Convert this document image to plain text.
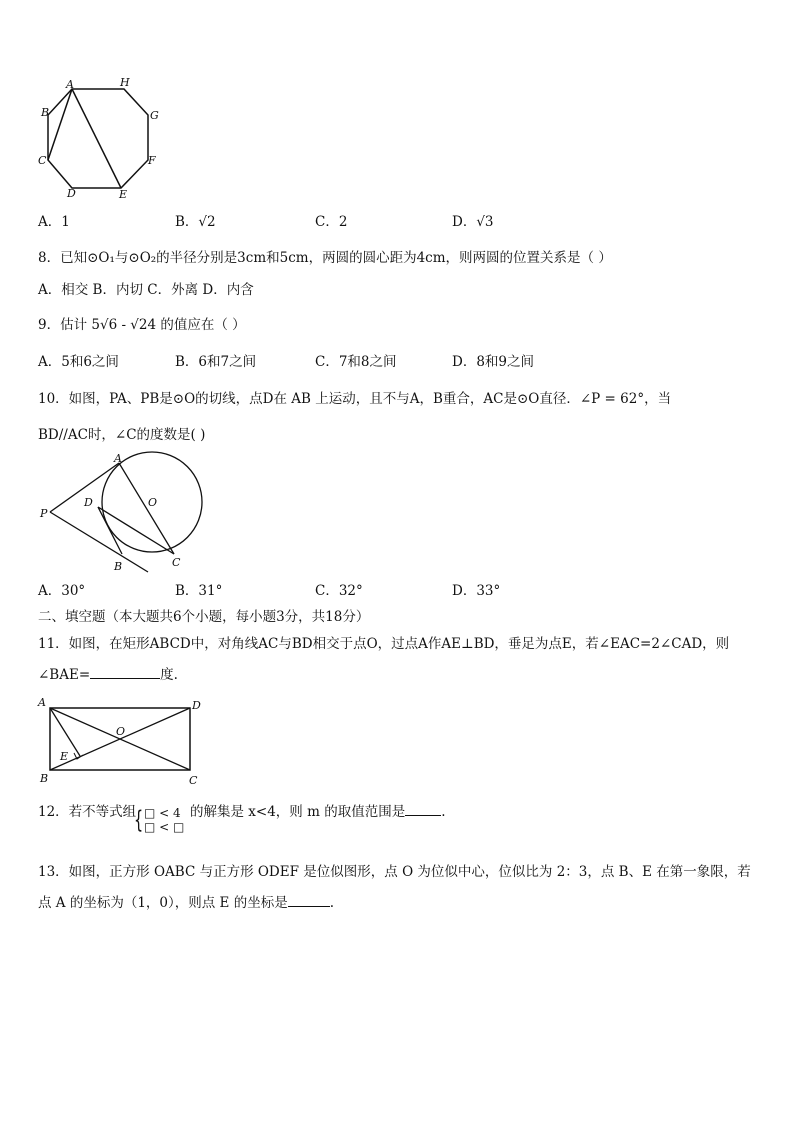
A	H
G
F
E
D
C
B
A．1	B．√2	C．2	D．√3
8．已知⊙O₁与⊙O₂的半径分别是3cm和5cm，两圆的圆心距为4cm，则两圆的位置关系是（ ）
A．相交 B．内切 C．外离 D．内含
9．估计 5√6 - √24 的值应在（ ）
A．5和6之间	B．6和7之间	C．7和8之间	D．8和9之间
10．如图，PA、PB是⊙O的切线，点D在 AB 上运动，且不与A，B重合，AC是⊙O直径．∠P = 62°，当
BD//AC时，∠C的度数是( )
A
O
D
P
C
B
A．30°	B．31°	C．32°	D．33°
二、填空题（本大题共6个小题，每小题3分，共18分）
11．如图，在矩形ABCD中，对角线AC与BD相交于点O，过点A作AE⊥BD，垂足为点E，若∠EAC=2∠CAD，则
∠BAE=	度.
A	D
B	C
O
E
12．若不等式组
{ □ < 4
□ < □
的解集是 x<4，则 m 的取值范围是	.
13．如图，正方形 OABC 与正方形 ODEF 是位似图形，点 O 为位似中心，位似比为 2：3，点 B、E 在第一象限，若
点 A 的坐标为（1，0），则点 E 的坐标是	.
